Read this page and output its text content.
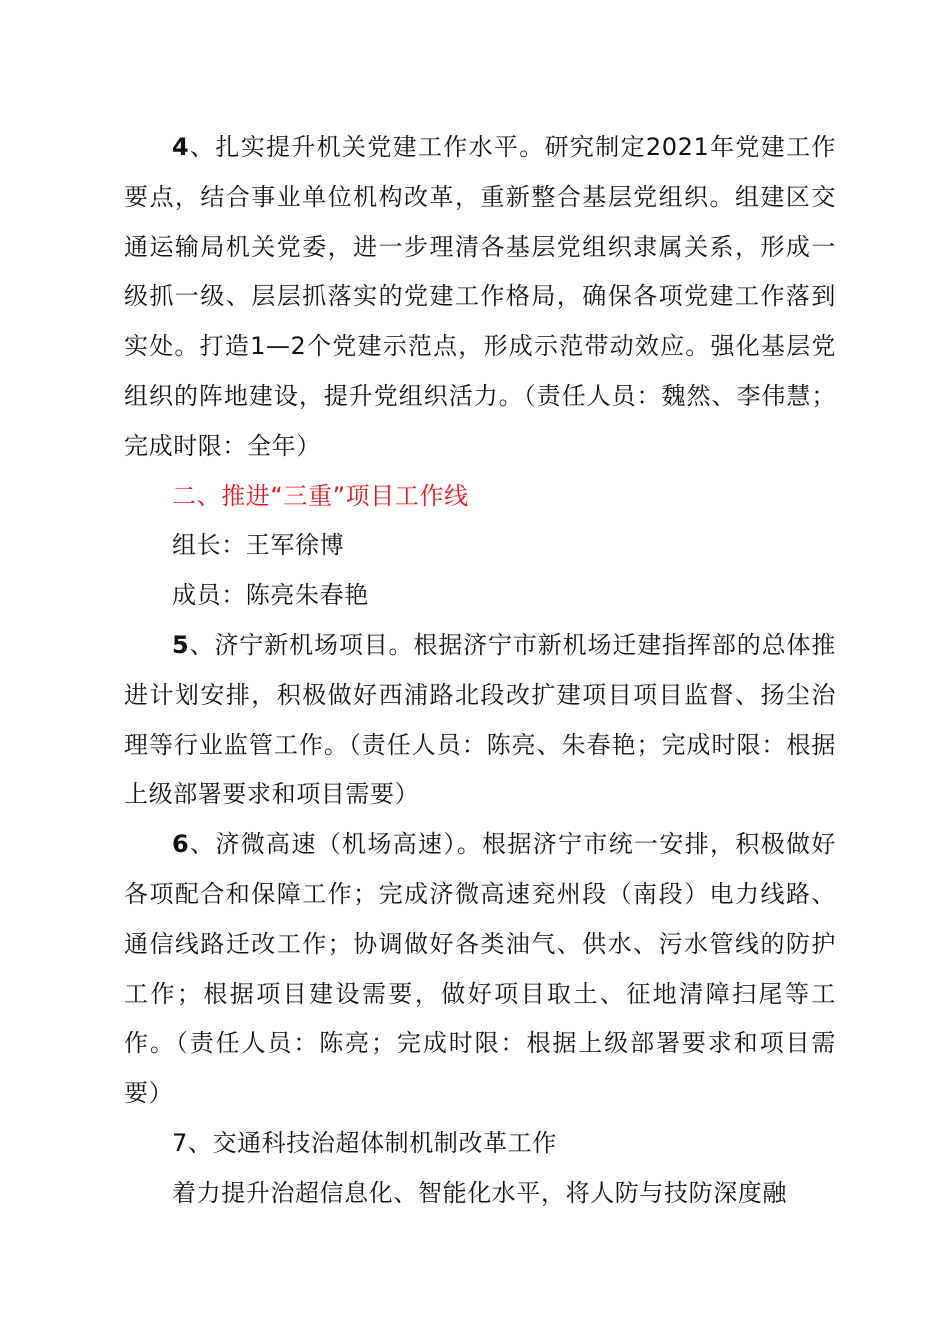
4、扎实提升机关党建工作水平。研究制定2021年党建工作要点，结合事业单位机构改革，重新整合基层党组织。组建区交通运输局机关党委，进一步理清各基层党组织隶属关系，形成一级抓一级、层层抓落实的党建工作格局，确保各项党建工作落到实处。打造1—2个党建示范点，形成示范带动效应。强化基层党组织的阵地建设，提升党组织活力。（责任人员：魏然、李伟慧；完成时限：全年）

二、推进“三重”项目工作线

组长：王军徐博

成员：陈亮朱春艳

5、济宁新机场项目。根据济宁市新机场迁建指挥部的总体推进计划安排，积极做好西浦路北段改扩建项目项目监督、扬尘治理等行业监管工作。（责任人员：陈亮、朱春艳；完成时限：根据上级部署要求和项目需要）

6、济微高速（机场高速）。根据济宁市统一安排，积极做好各项配合和保障工作；完成济微高速兖州段（南段）电力线路、通信线路迁改工作；协调做好各类油气、供水、污水管线的防护工作；根据项目建设需要，做好项目取土、征地清障扫尾等工作。（责任人员：陈亮；完成时限：根据上级部署要求和项目需要）

7、交通科技治超体制机制改革工作

着力提升治超信息化、智能化水平，将人防与技防深度融
